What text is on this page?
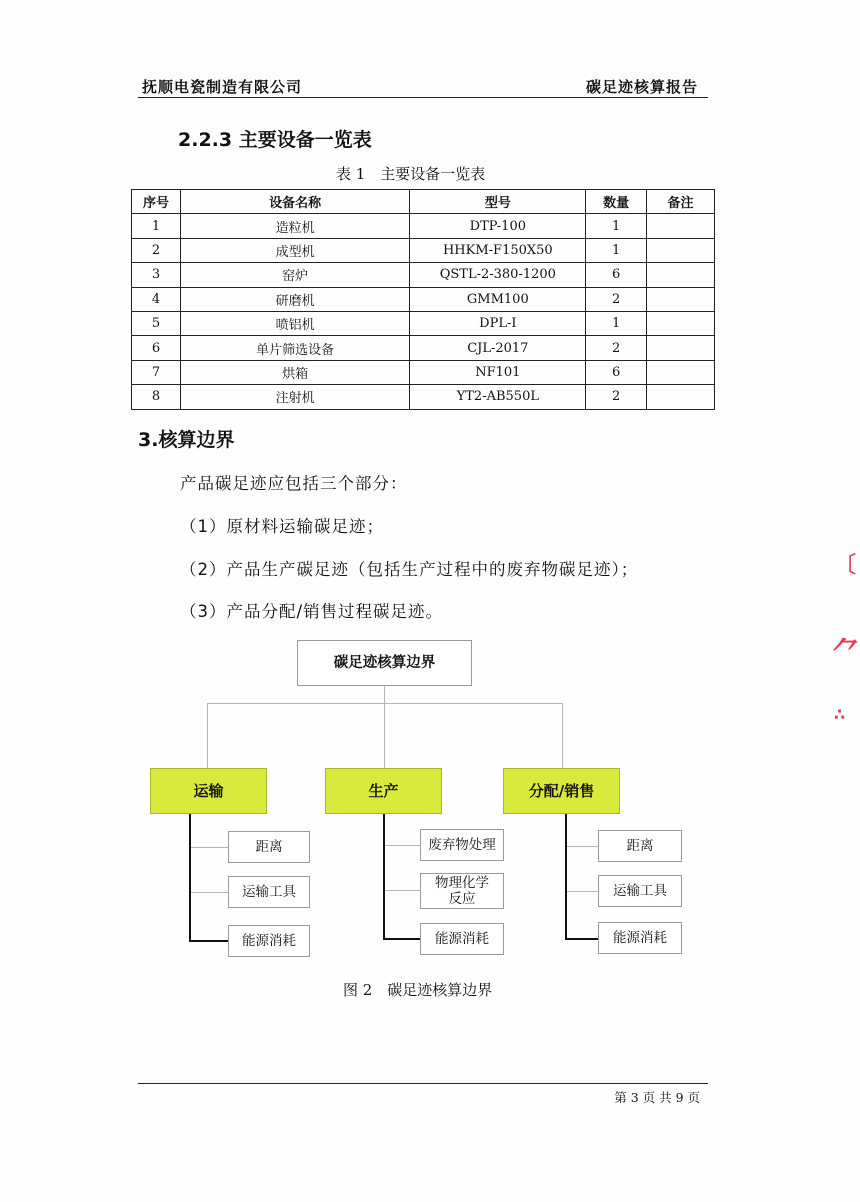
抚顺电瓷制造有限公司	碳足迹核算报告
2.2.3 主要设备一览表
表 1　主要设备一览表
序号	设备名称	型号	数量	备注
1	造粒机	DTP-100	1	
2	成型机	HHKM-F150X50	1	
3	窑炉	QSTL-2-380-1200	6	
4	研磨机	GMM100	2	
5	喷铝机	DPL-I	1	
6	单片筛选设备	CJL-2017	2	
7	烘箱	NF101	6	
8	注射机	YT2-AB550L	2	
3.核算边界
产品碳足迹应包括三个部分：
（1）原材料运输碳足迹；
（2）产品生产碳足迹（包括生产过程中的废弃物碳足迹）；
（3）产品分配/销售过程碳足迹。
碳足迹核算边界
运输	生产	分配/销售
距离
运输工具
能源消耗
废弃物处理
物理化学反应
能源消耗
距离
运输工具
能源消耗
图 2　碳足迹核算边界
第 3 页 共 9 页
〔
⺈
∴
